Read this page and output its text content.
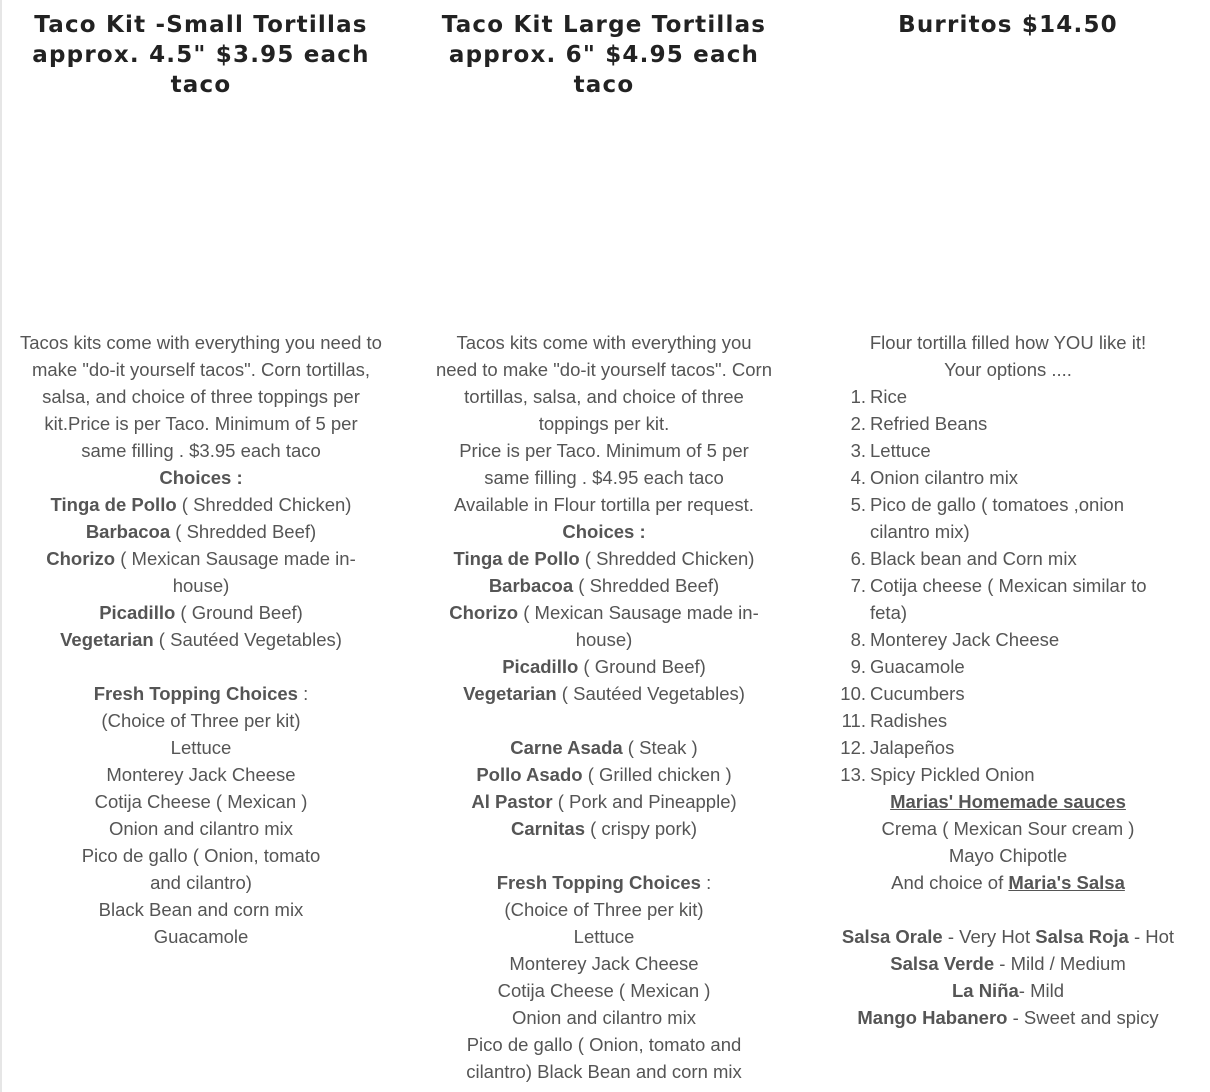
Taco Kit -Small Tortillas approx. 4.5" $3.95 each taco
Tacos kits come with everything you need to make "do-it yourself tacos". Corn tortillas, salsa, and choice of three toppings per kit.Price is per Taco. Minimum of 5 per same filling . $3.95 each taco
Choices :
Tinga de Pollo ( Shredded Chicken)
Barbacoa ( Shredded Beef)
Chorizo ( Mexican Sausage made in-house)
Picadillo ( Ground Beef)
Vegetarian ( Sautéed Vegetables)
Fresh Topping Choices :
(Choice of Three per kit)
Lettuce
Monterey Jack Cheese
Cotija Cheese ( Mexican )
Onion and cilantro mix
Pico de gallo ( Onion, tomato and cilantro)
Black Bean and corn mix
Guacamole
Taco Kit Large Tortillas approx. 6" $4.95 each taco
Tacos kits come with everything you need to make "do-it yourself tacos". Corn tortillas, salsa, and choice of three toppings per kit.
Price is per Taco. Minimum of 5 per same filling . $4.95 each taco
Available in Flour tortilla per request.
Choices :
Tinga de Pollo ( Shredded Chicken)
Barbacoa ( Shredded Beef)
Chorizo ( Mexican Sausage made in-house)
Picadillo ( Ground Beef)
Vegetarian ( Sautéed Vegetables)
Carne Asada ( Steak )
Pollo Asado ( Grilled chicken )
Al Pastor ( Pork and Pineapple)
Carnitas ( crispy pork)
Fresh Topping Choices :
(Choice of Three per kit)
Lettuce
Monterey Jack Cheese
Cotija Cheese ( Mexican )
Onion and cilantro mix
Pico de gallo ( Onion, tomato and cilantro) Black Bean and corn mix
Burritos $14.50
Flour tortilla filled how YOU like it!
Your options ....
1. Rice
2. Refried Beans
3. Lettuce
4. Onion cilantro mix
5. Pico de gallo ( tomatoes ,onion cilantro mix)
6. Black bean and Corn mix
7. Cotija cheese ( Mexican similar to feta)
8. Monterey Jack Cheese
9. Guacamole
10. Cucumbers
11. Radishes
12. Jalapeños
13. Spicy Pickled Onion
Marias' Homemade sauces
Crema ( Mexican Sour cream )
Mayo Chipotle
And choice of Maria's Salsa
Salsa Orale - Very Hot Salsa Roja - Hot
Salsa Verde - Mild / Medium
La Niña- Mild
Mango Habanero - Sweet and spicy
